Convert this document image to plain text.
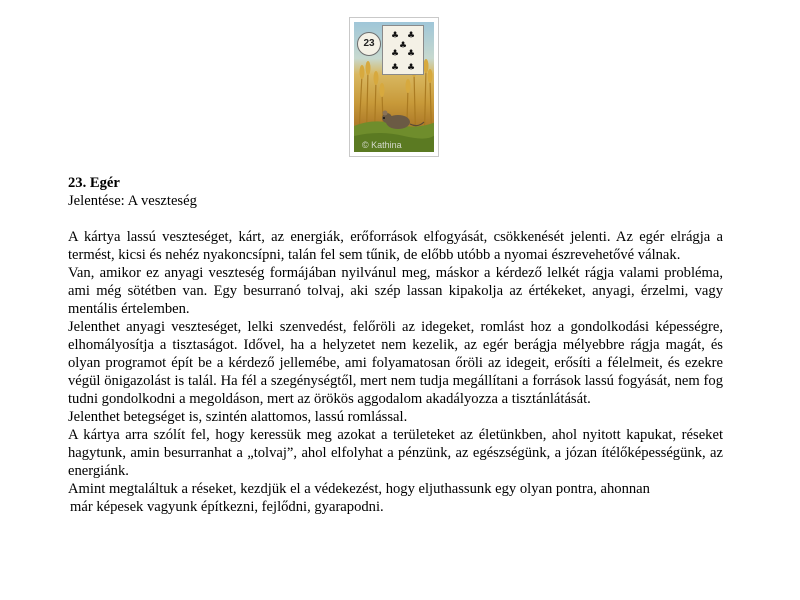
♣ ♣
♣
♣ ♣
♣ ♣
23
© Kathina

23. Egér

Jelentése: A veszteség

A kártya lassú veszteséget, kárt, az energiák, erőforrások elfogyását, csökkenését jelenti. Az egér elrágja a termést, kicsi és nehéz nyakoncsípni, talán fel sem tűnik, de előbb utóbb a nyomai észrevehetővé válnak.

Van, amikor ez anyagi veszteség formájában nyilvánul meg, máskor a kérdező lelkét rágja valami probléma, ami még sötétben van. Egy besurranó tolvaj, aki szép lassan kipakolja az értékeket, anyagi, érzelmi, vagy mentális értelemben.

Jelenthet anyagi veszteséget, lelki szenvedést, felőröli az idegeket, romlást hoz a gondolkodási képességre, elhomályosítja a tisztaságot. Idővel, ha a helyzetet nem kezelik, az egér berágja mélyebbre rágja magát, és olyan programot épít be a kérdező jellemébe, ami folyamatosan őröli az idegeit, erősíti a félelmeit, és ezekre végül önigazolást is talál. Ha fél a szegénységtől, mert nem tudja megállítani a források lassú fogyását, nem fog tudni gondolkodni a megoldáson, mert az örökös aggodalom akadályozza a tisztánlátását.

Jelenthet betegséget is, szintén alattomos, lassú romlással.

A kártya arra szólít fel, hogy keressük meg azokat a területeket az életünkben, ahol nyitott kapukat, réseket hagytunk, amin besurranhat a „tolvaj”, ahol elfolyhat a pénzünk, az egészségünk, a józan ítélőképességünk, az energiánk.

Amint megtaláltuk a réseket, kezdjük el a védekezést, hogy eljuthassunk egy olyan pontra, ahonnan

már képesek vagyunk építkezni, fejlődni, gyarapodni.
